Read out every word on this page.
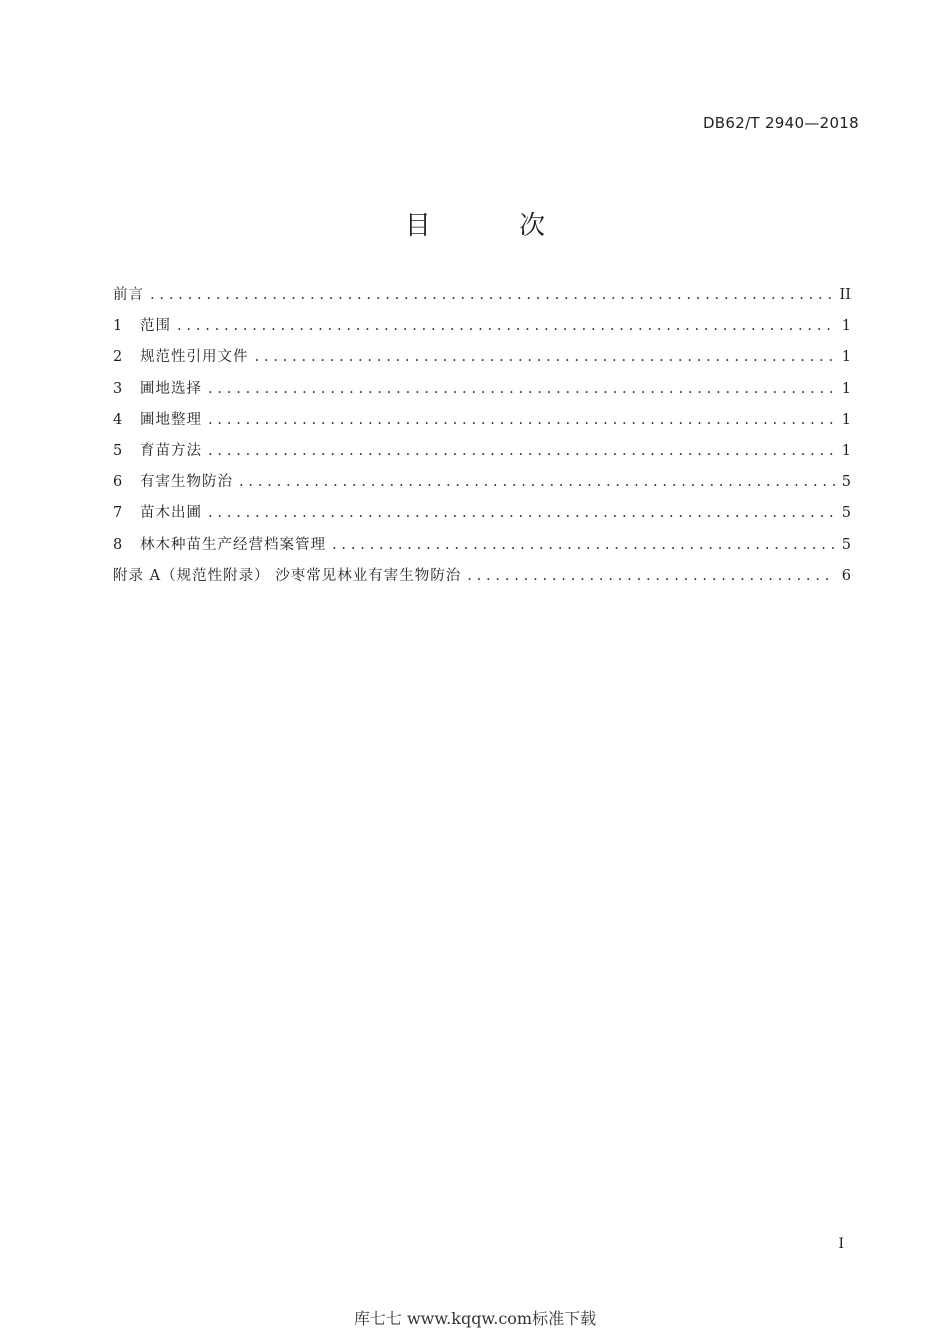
DB62/T 2940—2018
目 次
前言 .....	II
1	范围 .....	1
2	规范性引用文件 .....	1
3	圃地选择 .....	1
4	圃地整理 .....	1
5	育苗方法 .....	1
6	有害生物防治 .....	5
7	苗木出圃 .....	5
8	林木种苗生产经营档案管理 .....	5
附录 A（规范性附录） 沙枣常见林业有害生物防治 .....	6
I
库七七 www.kqqw.com标准下载
